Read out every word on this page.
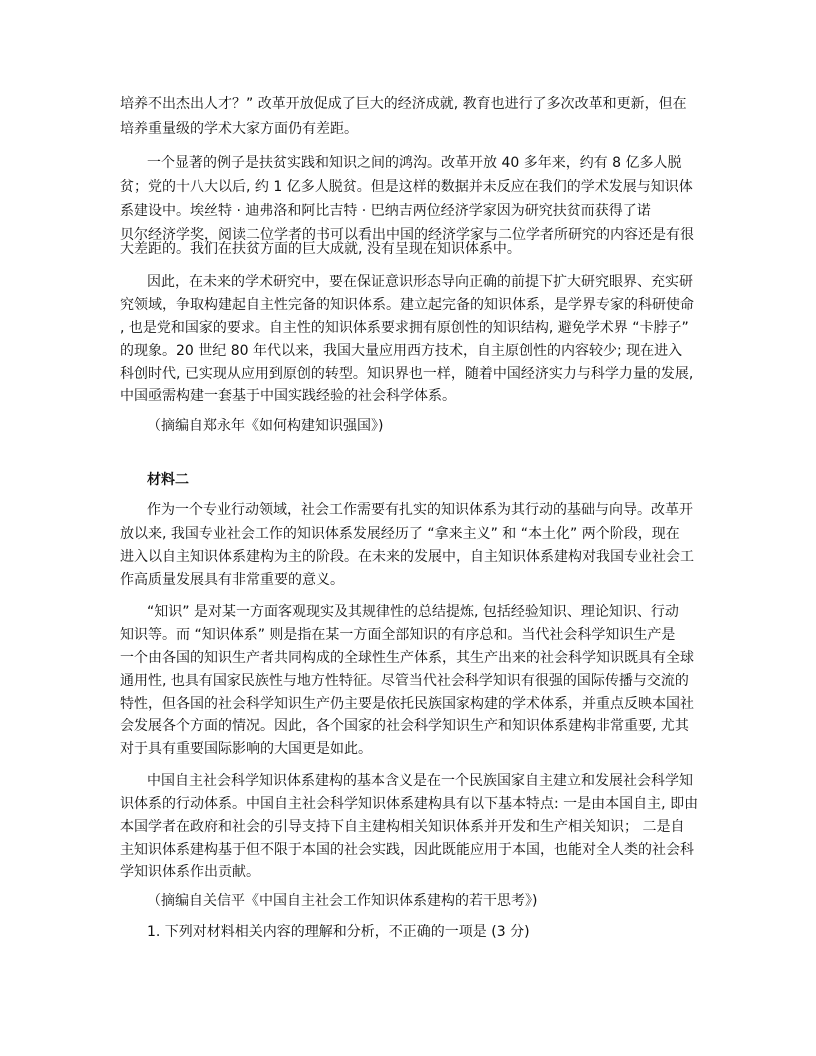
培养不出杰出人才？” 改革开放促成了巨大的经济成就, 教育也进行了多次改革和更新，但在
培养重量级的学术大家方面仍有差距。
一个显著的例子是扶贫实践和知识之间的鸿沟。改革开放 40 多年来，约有 8 亿多人脱
贫；党的十八大以后, 约 1 亿多人脱贫。但是这样的数据并未反应在我们的学术发展与知识体
系建设中。埃丝特 · 迪弗洛和阿比吉特 · 巴纳吉两位经济学家因为研究扶贫而获得了诺
贝尔经济学奖，阅读二位学者的书可以看出中国的经济学家与二位学者所研究的内容还是有很
大差距的。我们在扶贫方面的巨大成就, 没有呈现在知识体系中。
因此，在未来的学术研究中，要在保证意识形态导向正确的前提下扩大研究眼界、充实研
究领域，争取构建起自主性完备的知识体系。建立起完备的知识体系，是学界专家的科研使命
, 也是党和国家的要求。自主性的知识体系要求拥有原创性的知识结构, 避免学术界 “卡脖子”
的现象。20 世纪 80 年代以来，我国大量应用西方技术，自主原创性的内容较少; 现在进入
科创时代, 已实现从应用到原创的转型。知识界也一样，随着中国经济实力与科学力量的发展,
中国亟需构建一套基于中国实践经验的社会科学体系。
（摘编自郑永年《如何构建知识强国》)
材料二
作为一个专业行动领域，社会工作需要有扎实的知识体系为其行动的基础与向导。改革开
放以来, 我国专业社会工作的知识体系发展经历了 “拿来主义” 和 “本土化” 两个阶段，现在
进入以自主知识体系建构为主的阶段。在未来的发展中，自主知识体系建构对我国专业社会工
作高质量发展具有非常重要的意义。
“知识” 是对某一方面客观现实及其规律性的总结提炼, 包括经验知识、理论知识、行动
知识等。而 “知识体系” 则是指在某一方面全部知识的有序总和。当代社会科学知识生产是
一个由各国的知识生产者共同构成的全球性生产体系，其生产出来的社会科学知识既具有全球
通用性, 也具有国家民族性与地方性特征。尽管当代社会科学知识有很强的国际传播与交流的
特性，但各国的社会科学知识生产仍主要是依托民族国家构建的学术体系，并重点反映本国社
会发展各个方面的情况。因此，各个国家的社会科学知识生产和知识体系建构非常重要, 尤其
对于具有重要国际影响的大国更是如此。
中国自主社会科学知识体系建构的基本含义是在一个民族国家自主建立和发展社会科学知
识体系的行动体系。中国自主社会科学知识体系建构具有以下基本特点: 一是由本国自主, 即由
本国学者在政府和社会的引导支持下自主建构相关知识体系并开发和生产相关知识； 二是自
主知识体系建构基于但不限于本国的社会实践，因此既能应用于本国，也能对全人类的社会科
学知识体系作出贡献。
（摘编自关信平《中国自主社会工作知识体系建构的若干思考》)
1. 下列对材料相关内容的理解和分析，不正确的一项是 (3 分)
